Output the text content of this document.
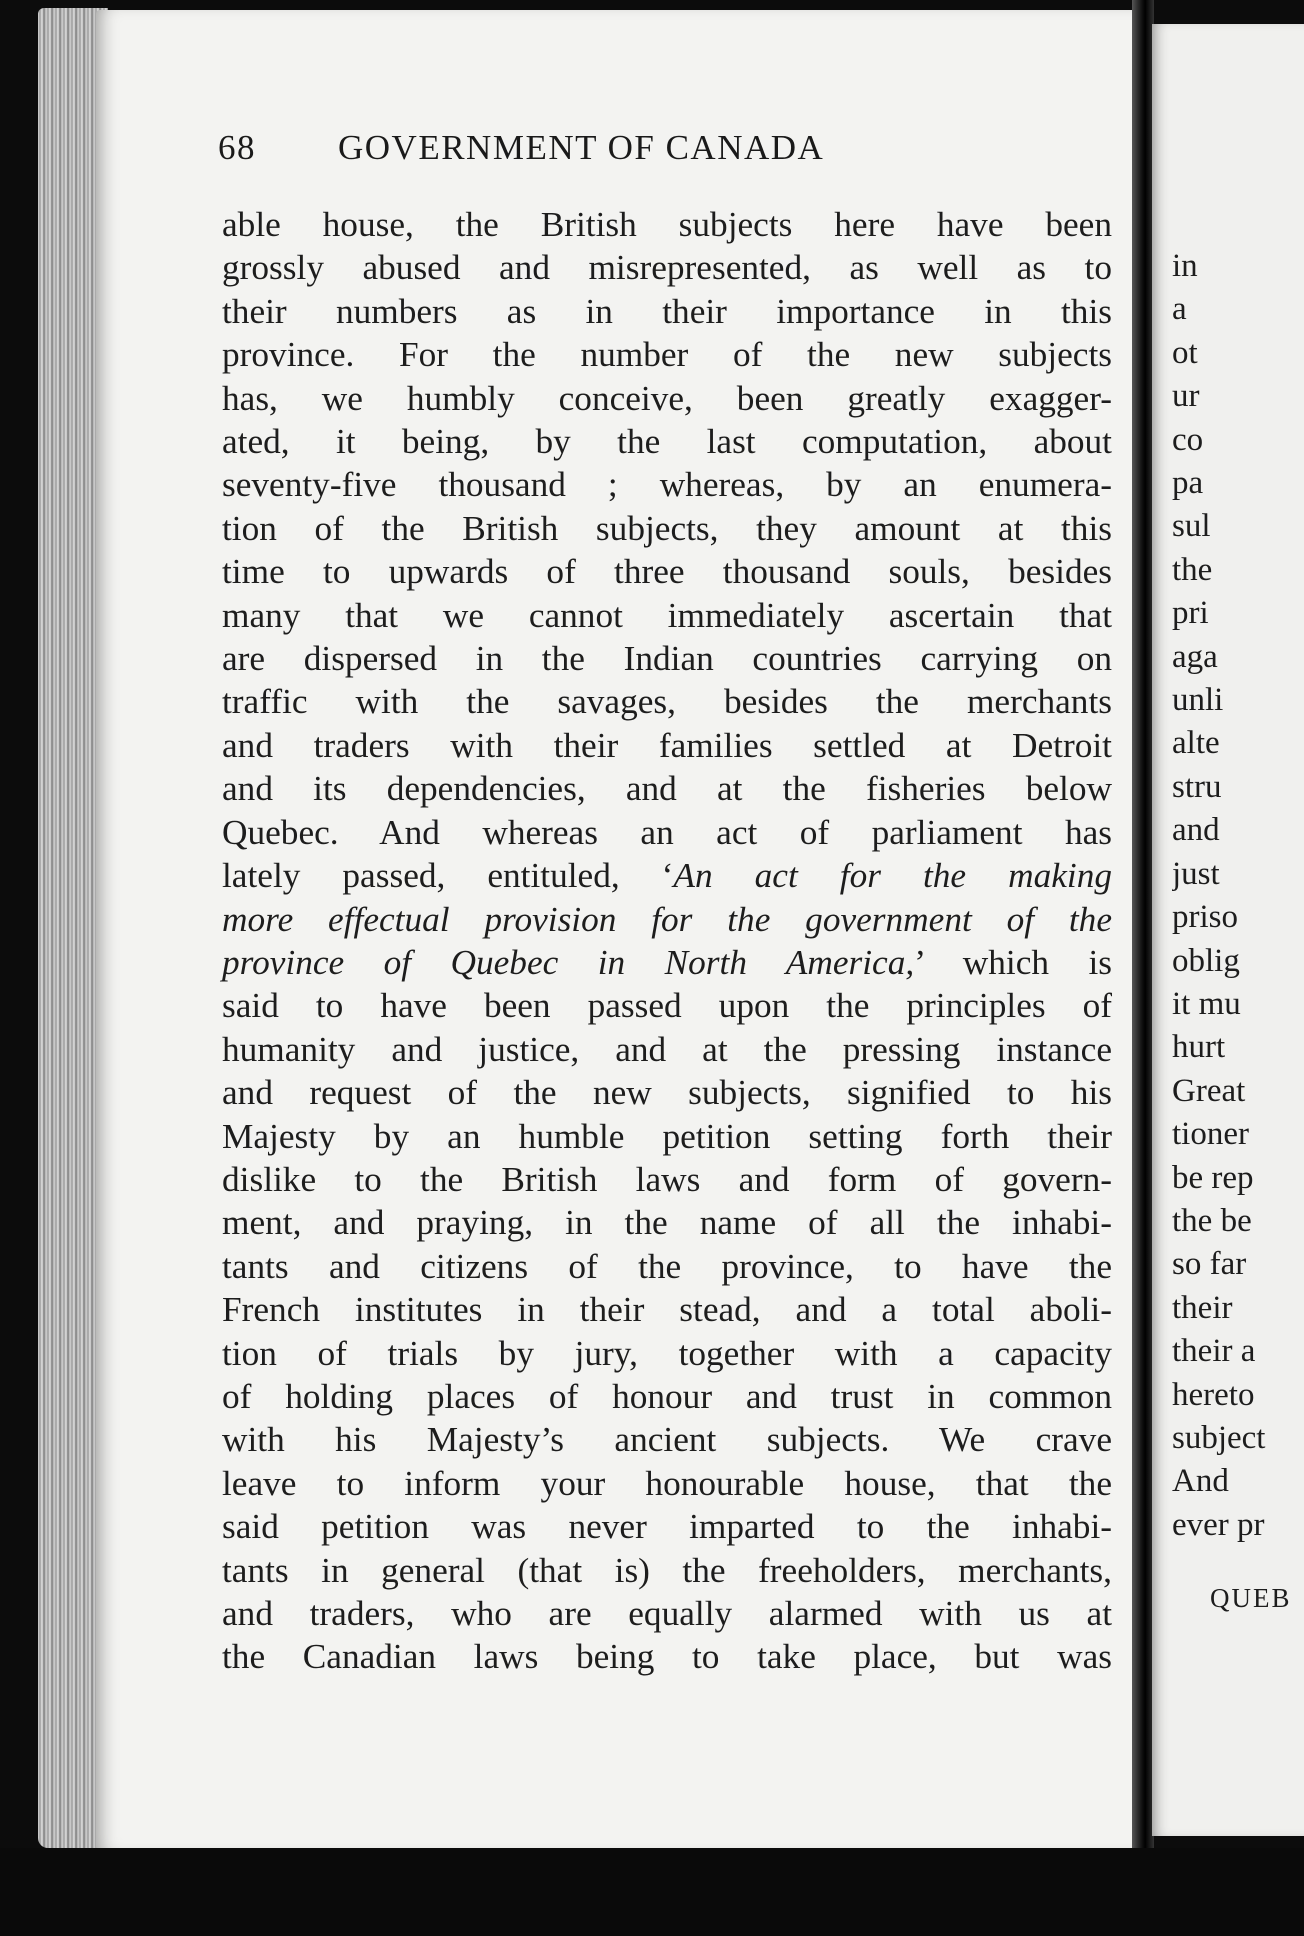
68 GOVERNMENT OF CANADA
able house, the British subjects here have been
grossly abused and misrepresented, as well as to
their numbers as in their importance in this
province. For the number of the new subjects
has, we humbly conceive, been greatly exagger-
ated, it being, by the last computation, about
seventy-five thousand ; whereas, by an enumera-
tion of the British subjects, they amount at this
time to upwards of three thousand souls, besides
many that we cannot immediately ascertain that
are dispersed in the Indian countries carrying on
traffic with the savages, besides the merchants
and traders with their families settled at Detroit
and its dependencies, and at the fisheries below
Quebec. And whereas an act of parliament has
lately passed, entituled, ‘An act for the making
more effectual provision for the government of the
province of Quebec in North America,’ which is
said to have been passed upon the principles of
humanity and justice, and at the pressing instance
and request of the new subjects, signified to his
Majesty by an humble petition setting forth their
dislike to the British laws and form of govern-
ment, and praying, in the name of all the inhabi-
tants and citizens of the province, to have the
French institutes in their stead, and a total aboli-
tion of trials by jury, together with a capacity
of holding places of honour and trust in common
with his Majesty’s ancient subjects. We crave
leave to inform your honourable house, that the
said petition was never imparted to the inhabi-
tants in general (that is) the freeholders, merchants,
and traders, who are equally alarmed with us at
the Canadian laws being to take place, but was
in
a
ot
ur
co
pa
sul
the
pri
aga
unli
alte
stru
and
just
priso
oblig
it mu
hurt
Great
tioner
be rep
the be
so far
their
their a
hereto
subject
And
ever pr
QUEB
